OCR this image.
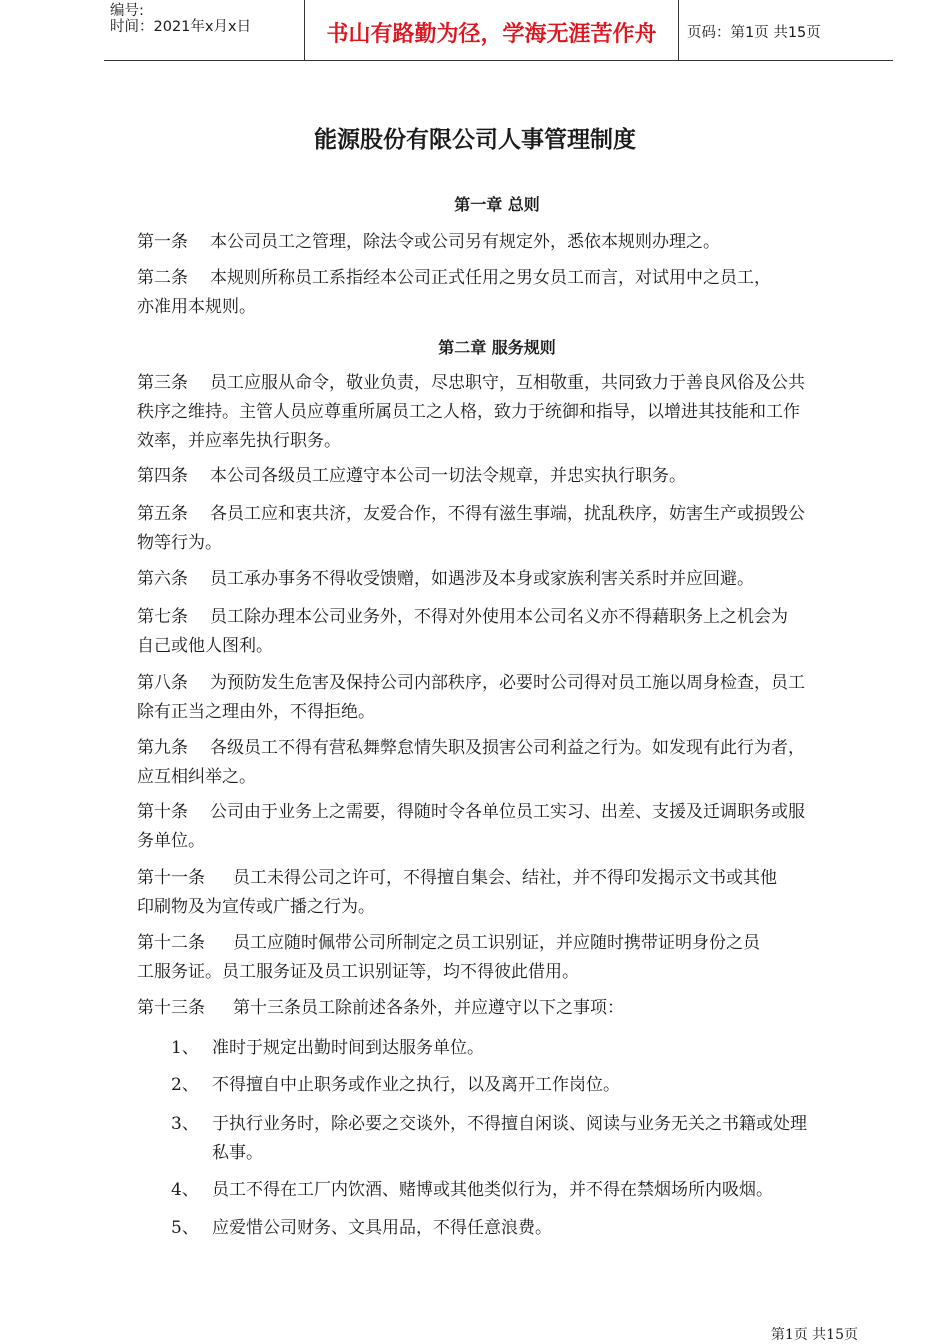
编号:
时间：2021年x月x日	书山有路勤为径，学海无涯苦作舟	页码：第1页 共15页
能源股份有限公司人事管理制度
第一章 总则
第一条 本公司员工之管理，除法令或公司另有规定外，悉依本规则办理之。
第二条 本规则所称员工系指经本公司正式任用之男女员工而言，对试用中之员工，
亦准用本规则。
第二章 服务规则
第三条 员工应服从命令，敬业负责，尽忠职守，互相敬重，共同致力于善良风俗及公共
秩序之维持。主管人员应尊重所属员工之人格，致力于统御和指导，以增进其技能和工作
效率，并应率先执行职务。
第四条 本公司各级员工应遵守本公司一切法令规章，并忠实执行职务。
第五条 各员工应和衷共济，友爱合作，不得有滋生事端，扰乱秩序，妨害生产或损毁公
物等行为。
第六条 员工承办事务不得收受馈赠，如遇涉及本身或家族利害关系时并应回避。
第七条 员工除办理本公司业务外，不得对外使用本公司名义亦不得藉职务上之机会为
自己或他人图利。
第八条 为预防发生危害及保持公司内部秩序，必要时公司得对员工施以周身检查，员工
除有正当之理由外，不得拒绝。
第九条 各级员工不得有营私舞弊怠情失职及损害公司利益之行为。如发现有此行为者，
应互相纠举之。
第十条 公司由于业务上之需要，得随时令各单位员工实习、出差、支援及迁调职务或服
务单位。
第十一条 员工未得公司之许可，不得擅自集会、结社，并不得印发揭示文书或其他
印刷物及为宣传或广播之行为。
第十二条 员工应随时佩带公司所制定之员工识别证，并应随时携带证明身份之员
工服务证。员工服务证及员工识别证等，均不得彼此借用。
第十三条 第十三条员工除前述各条外，并应遵守以下之事项：
1、 准时于规定出勤时间到达服务单位。
2、 不得擅自中止职务或作业之执行，以及离开工作岗位。
3、 于执行业务时，除必要之交谈外，不得擅自闲谈、阅读与业务无关之书籍或处理
私事。
4、 员工不得在工厂内饮酒、赌博或其他类似行为，并不得在禁烟场所内吸烟。
5、 应爱惜公司财务、文具用品，不得任意浪费。
第1页 共15页
